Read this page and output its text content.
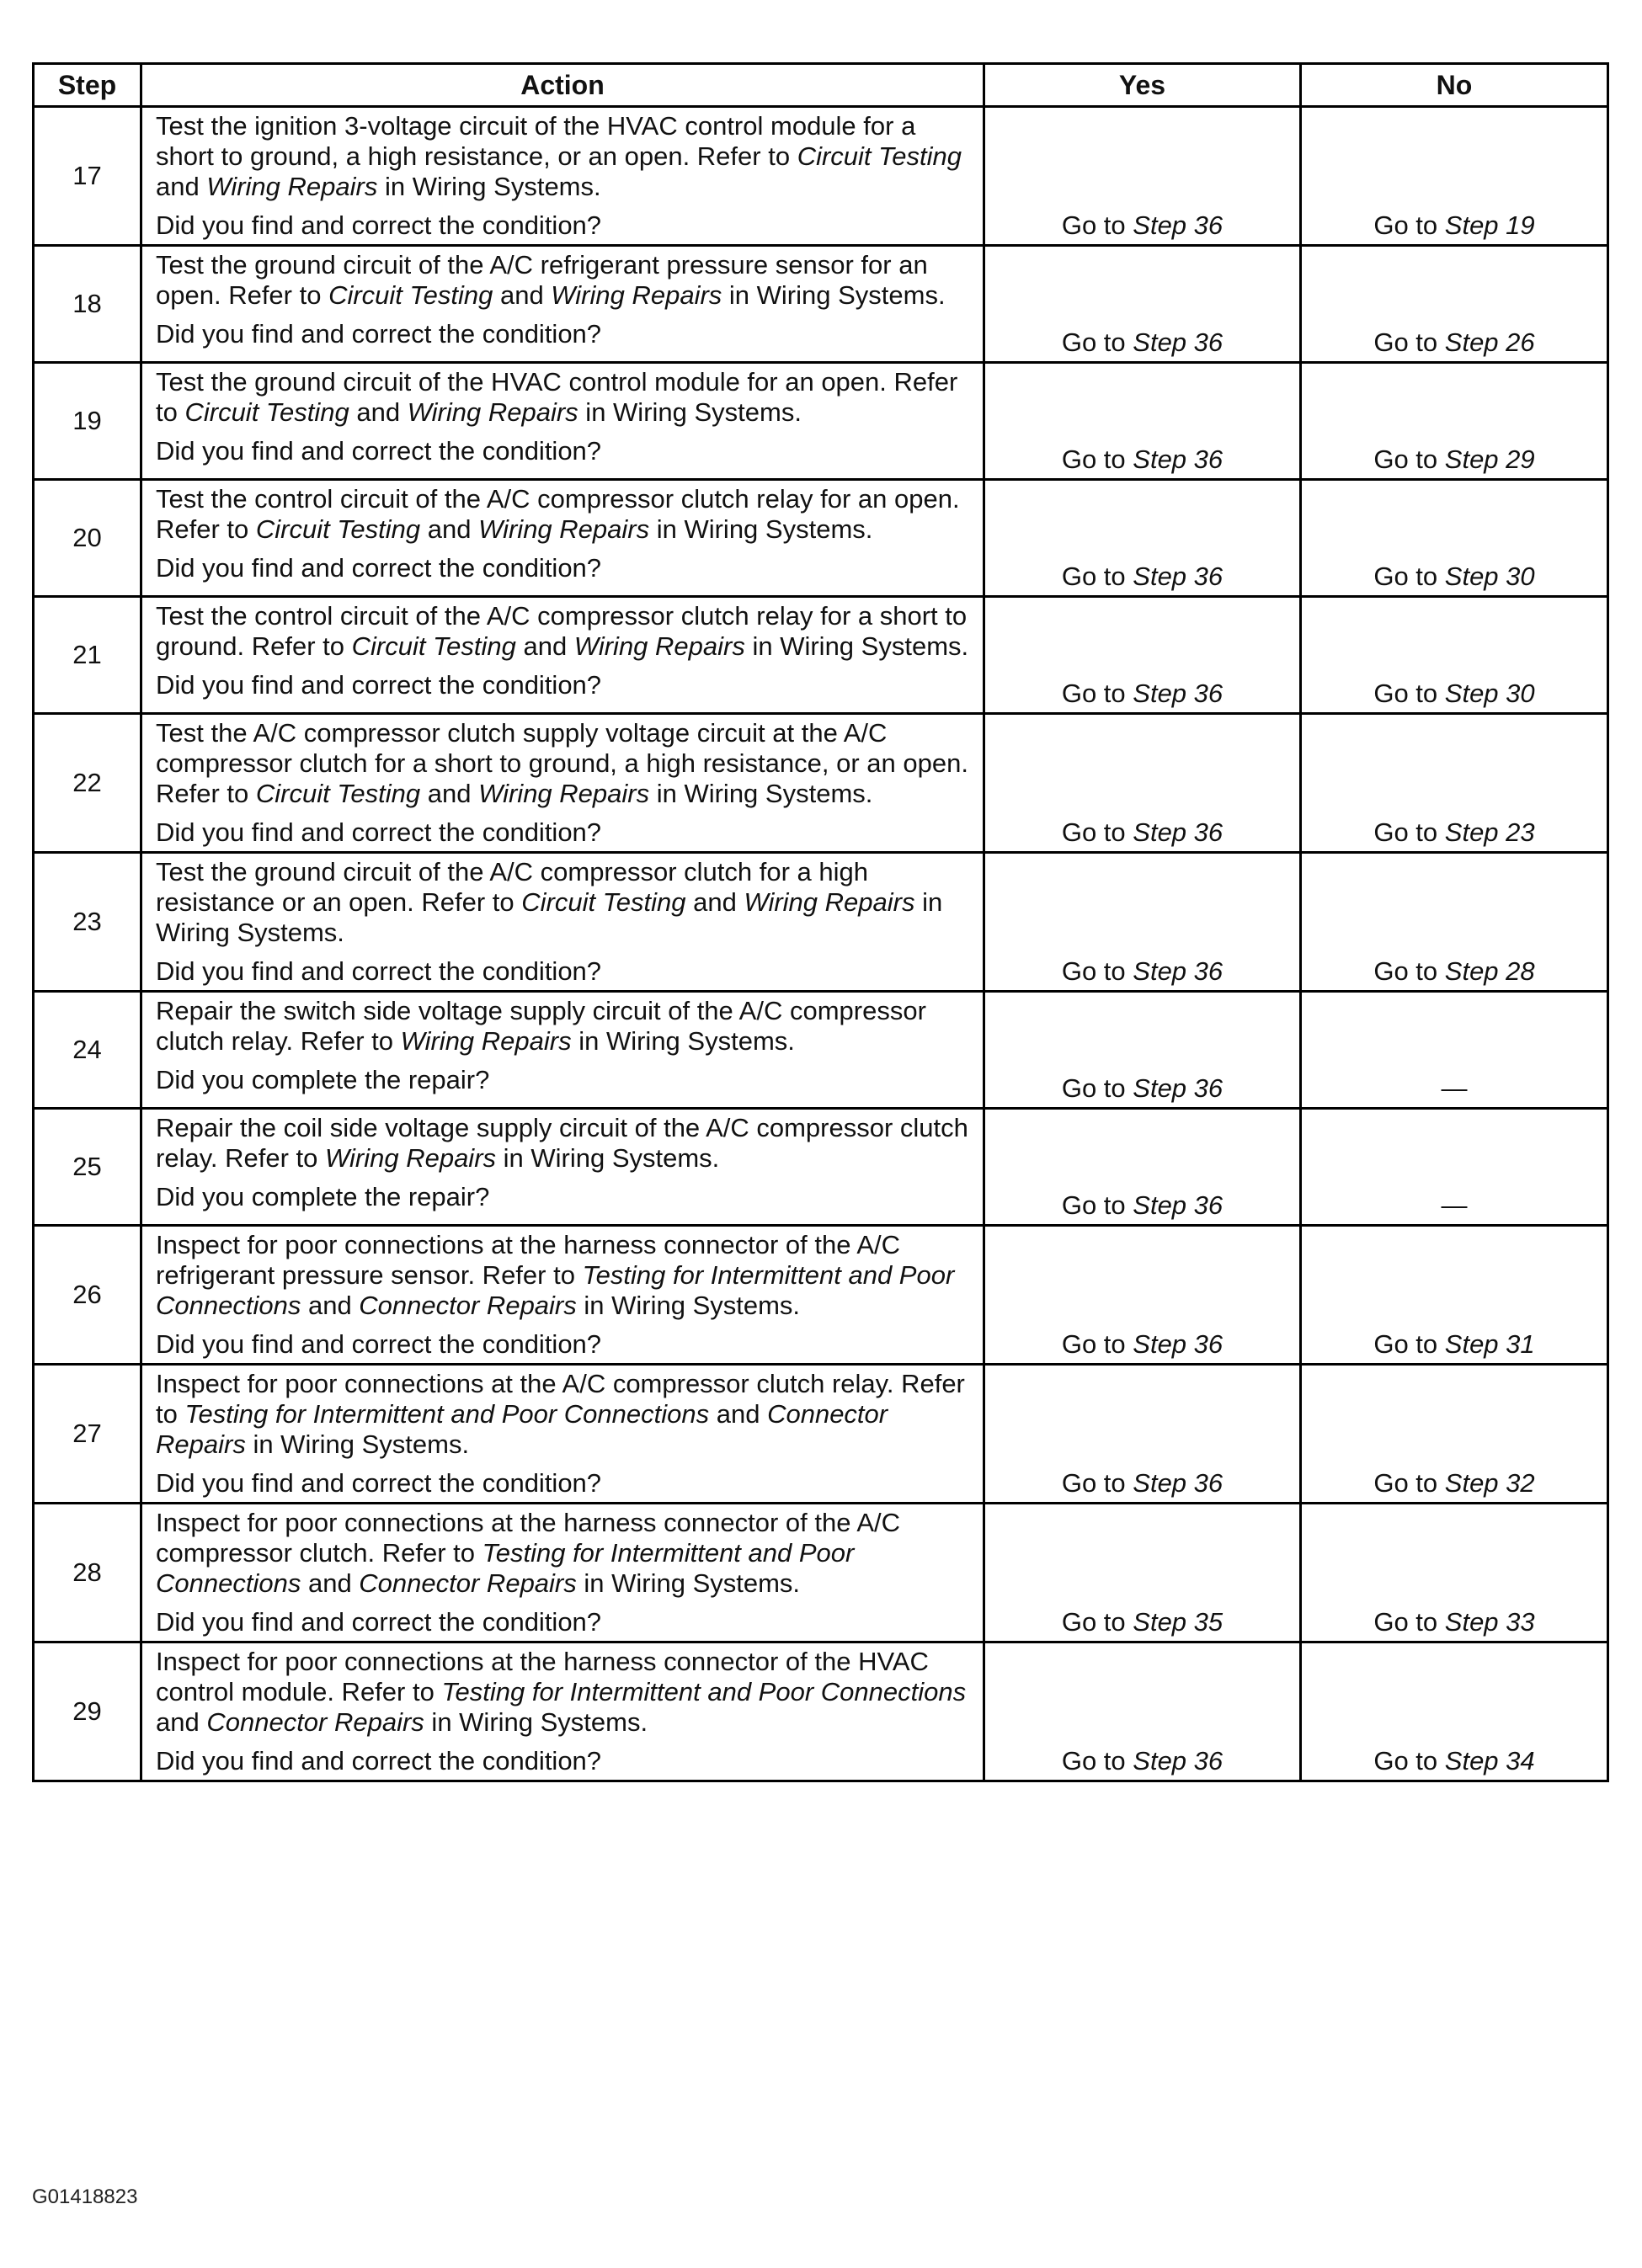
Step	Action	Yes	No
17	Test the ignition 3-voltage circuit of the HVAC control module for a short to ground, a high resistance, or an open. Refer to Circuit Testing and Wiring Repairs in Wiring Systems.
Did you find and correct the condition?	Go to Step 36	Go to Step 19
18	Test the ground circuit of the A/C refrigerant pressure sensor for an open. Refer to Circuit Testing and Wiring Repairs in Wiring Systems.
Did you find and correct the condition?	Go to Step 36	Go to Step 26
19	Test the ground circuit of the HVAC control module for an open. Refer to Circuit Testing and Wiring Repairs in Wiring Systems.
Did you find and correct the condition?	Go to Step 36	Go to Step 29
20	Test the control circuit of the A/C compressor clutch relay for an open. Refer to Circuit Testing and Wiring Repairs in Wiring Systems.
Did you find and correct the condition?	Go to Step 36	Go to Step 30
21	Test the control circuit of the A/C compressor clutch relay for a short to ground. Refer to Circuit Testing and Wiring Repairs in Wiring Systems.
Did you find and correct the condition?	Go to Step 36	Go to Step 30
22	Test the A/C compressor clutch supply voltage circuit at the A/C compressor clutch for a short to ground, a high resistance, or an open. Refer to Circuit Testing and Wiring Repairs in Wiring Systems.
Did you find and correct the condition?	Go to Step 36	Go to Step 23
23	Test the ground circuit of the A/C compressor clutch for a high resistance or an open. Refer to Circuit Testing and Wiring Repairs in Wiring Systems.
Did you find and correct the condition?	Go to Step 36	Go to Step 28
24	Repair the switch side voltage supply circuit of the A/C compressor clutch relay. Refer to Wiring Repairs in Wiring Systems.
Did you complete the repair?	Go to Step 36	—
25	Repair the coil side voltage supply circuit of the A/C compressor clutch relay. Refer to Wiring Repairs in Wiring Systems.
Did you complete the repair?	Go to Step 36	—
26	Inspect for poor connections at the harness connector of the A/C refrigerant pressure sensor. Refer to Testing for Intermittent and Poor Connections and Connector Repairs in Wiring Systems.
Did you find and correct the condition?	Go to Step 36	Go to Step 31
27	Inspect for poor connections at the A/C compressor clutch relay. Refer to Testing for Intermittent and Poor Connections and Connector Repairs in Wiring Systems.
Did you find and correct the condition?	Go to Step 36	Go to Step 32
28	Inspect for poor connections at the harness connector of the A/C compressor clutch. Refer to Testing for Intermittent and Poor Connections and Connector Repairs in Wiring Systems.
Did you find and correct the condition?	Go to Step 35	Go to Step 33
29	Inspect for poor connections at the harness connector of the HVAC control module. Refer to Testing for Intermittent and Poor Connections and Connector Repairs in Wiring Systems.
Did you find and correct the condition?	Go to Step 36	Go to Step 34
G01418823
